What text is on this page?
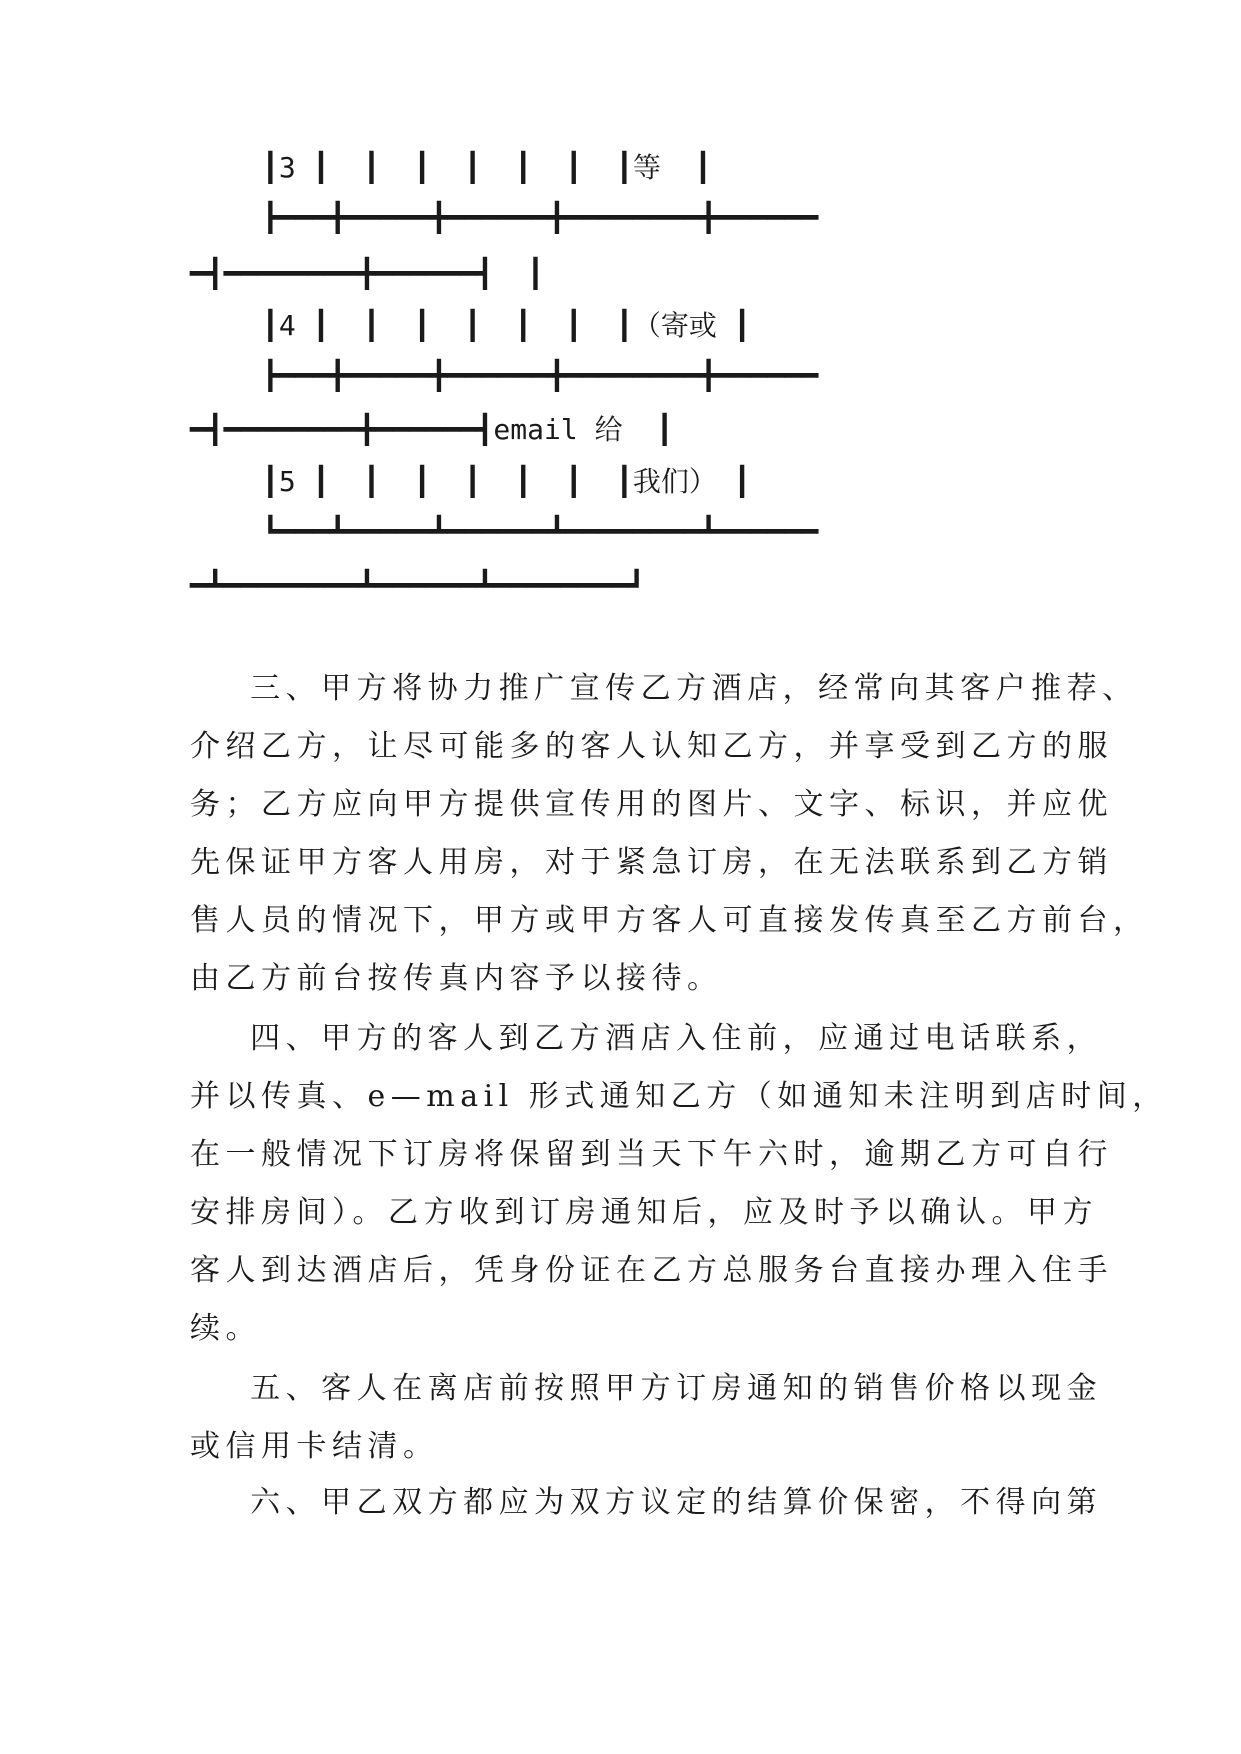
┃3 ┃  ┃  ┃  ┃  ┃  ┃  ┃等  ┃
┣━━━╋━━━━━╋━━━━━━╋━━━━━━━━╋━━━━━━
━┫━━━━━━━━╋━━━━━━┫  ┃
┃4 ┃  ┃  ┃  ┃  ┃  ┃  ┃（寄或 ┃
┣━━━╋━━━━━╋━━━━━━╋━━━━━━━━╋━━━━━━
━┫━━━━━━━━╋━━━━━━┫email 给  ┃
┃5 ┃  ┃  ┃  ┃  ┃  ┃  ┃我们） ┃
┗━━━┻━━━━━┻━━━━━━┻━━━━━━━━┻━━━━━━
━┻━━━━━━━━┻━━━━━━┻━━━━━━━━┛
三、甲方将协力推广宣传乙方酒店，经常向其客户推荐、
介绍乙方，让尽可能多的客人认知乙方，并享受到乙方的服
务；乙方应向甲方提供宣传用的图片、文字、标识，并应优
先保证甲方客人用房，对于紧急订房，在无法联系到乙方销
售人员的情况下，甲方或甲方客人可直接发传真至乙方前台，
由乙方前台按传真内容予以接待。
四、甲方的客人到乙方酒店入住前，应通过电话联系，
并以传真、e—mail 形式通知乙方（如通知未注明到店时间，
在一般情况下订房将保留到当天下午六时，逾期乙方可自行
安排房间）。乙方收到订房通知后，应及时予以确认。甲方
客人到达酒店后，凭身份证在乙方总服务台直接办理入住手
续。
五、客人在离店前按照甲方订房通知的销售价格以现金
或信用卡结清。
六、甲乙双方都应为双方议定的结算价保密，不得向第
